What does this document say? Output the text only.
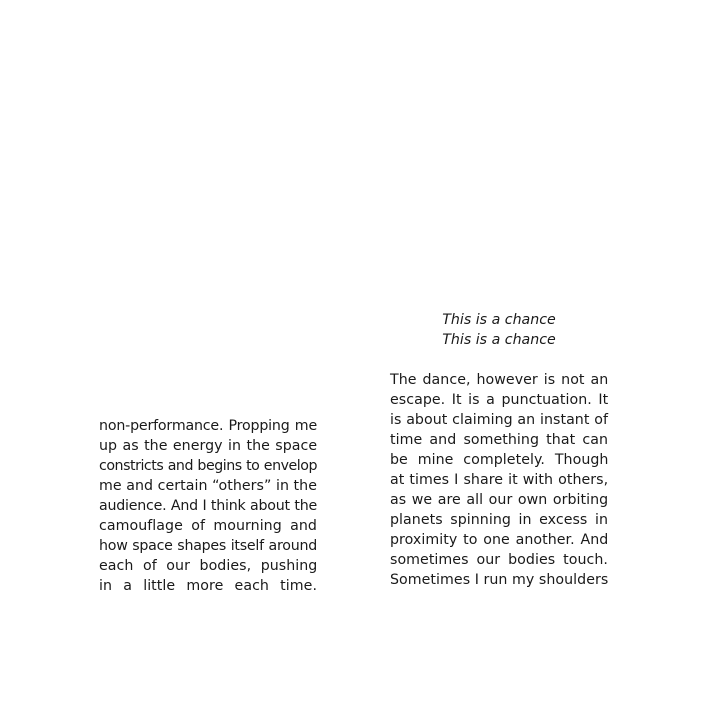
non-performance. Propping me
up as the energy in the space
constricts and begins to envelop
me and certain “others” in the
audience. And I think about the
camouflage of mourning and
how space shapes itself around
each of our bodies, pushing
in a little more each time.
This is a chance
This is a chance
The dance, however is not an
escape. It is a punctuation. It
is about claiming an instant of
time and something that can
be mine completely. Though
at times I share it with others,
as we are all our own orbiting
planets spinning in excess in
proximity to one another. And
sometimes our bodies touch.
Sometimes I run my shoulders
